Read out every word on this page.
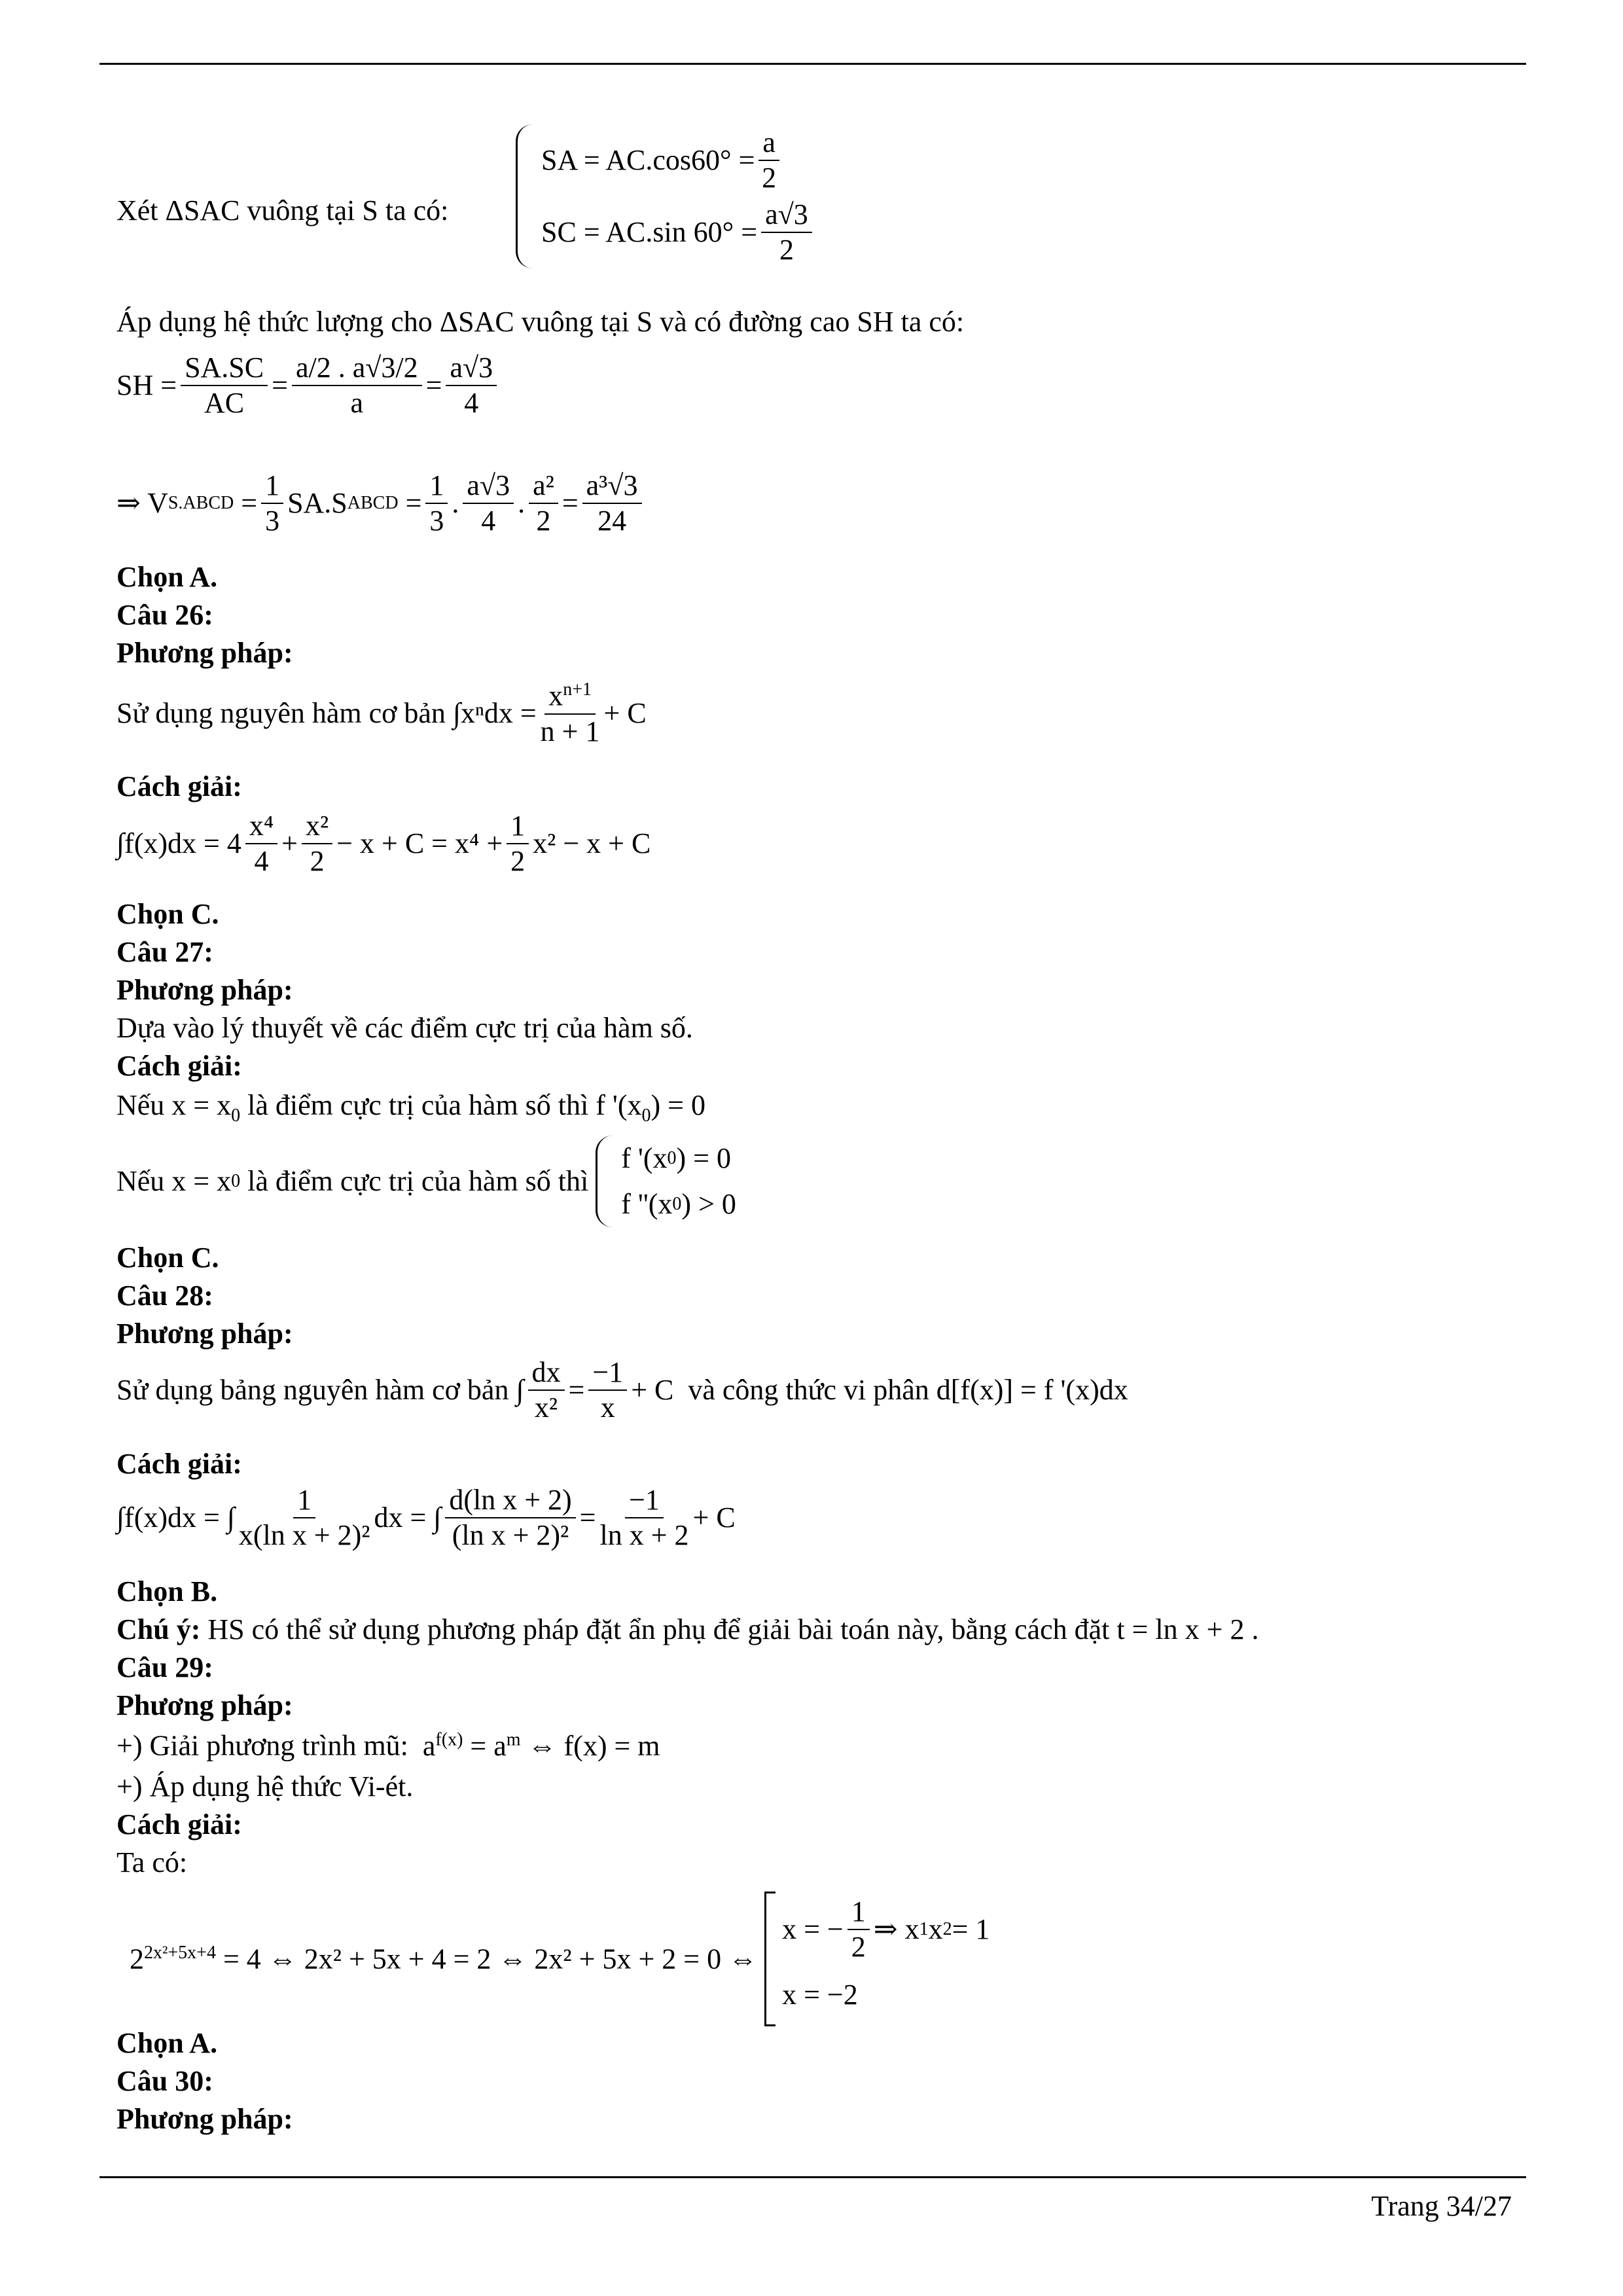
Xét ΔSAC vuông tại S ta có:
SA = $AC.\cos 60^\circ = \frac{a}{2}$
SC = AC.sin $60^\circ = \frac{a√3}{2}$
Áp dụng hệ thức lượng cho ΔSAC vuông tại S và có đường cao SH ta có:
SH = $\frac{SA.SC}{AC} = \frac{a/2 . a√3/2}{a} = \frac{a√3}{4}$
⇒ V S.ABCD = $\frac{1}{3} SA.S$ ABCD = $\frac{1}{3}$ . $\frac{a√3}{4}$ . $\frac{\text{a²}}{2} = \frac{\text{a³√3}}{24}$
Chọn A.
Câu 26:
Phương pháp:
Sử dụng nguyên hàm cơ bản $\int x^ndx = \frac{x^{n+1}}{n + 1} + C$
Cách giải:
$\int f(x)dx = 4 \frac{\text{x⁴}}{4} + \frac{\text{x²}}{2} - x + C = x^4 + \frac{1}{2} x^2 - x + C$
Chọn C.
Câu 27:
Phương pháp:
Dựa vào lý thuyết về các điểm cực trị của hàm số.
Cách giải:
Nếu $x = x_0$ là điểm cực trị của hàm số thì f '$(x_0) = 0$
Nếu x = x 0
là điểm cực trị của hàm số thì

f '(x 0 ) = 0
f ''(x 0 ) > 0
Chọn C.
Câu 28:
Phương pháp:
Sử dụng bảng nguyên hàm cơ bản ∫ $\frac{dx}{\text{x²}} = \frac{-1}{x} + C$ và công thức vi phân d[f(x)] = f '(x)dx
Cách giải:
∫f(x)dx = ∫ $\frac{1}{\text{x(ln x + 2)²}}$ dx = ∫ $\frac{\text{d(ln x + 2)}}{\text{(ln x + 2)²}} = \frac{-1}{\text{ln x + 2}} + C$
Chọn B.
Chú ý: HS có thể sử dụng phương pháp đặt ẩn phụ để giải bài toán này, bằng cách đặt t = ln x + 2 .
Câu 29:
Phương pháp:
+) Giải phương trình mũ:  $a^{f(x)} = a^m$ ⇔ f(x) = m
+) Áp dụng hệ thức Vi-ét.
Cách giải:
Ta có:
$2^{2x^2+5x+4} = 4$ ⇔ 2x² + 5x + 4 = 2 ⇔ 2x² + 5x + 2 = 0 ⇔
x = − $\frac{1}{2}$ ⇒ x 1 x 2 = 1
x = −2
Chọn A.
Câu 30:
Phương pháp:
Trang 34/27
